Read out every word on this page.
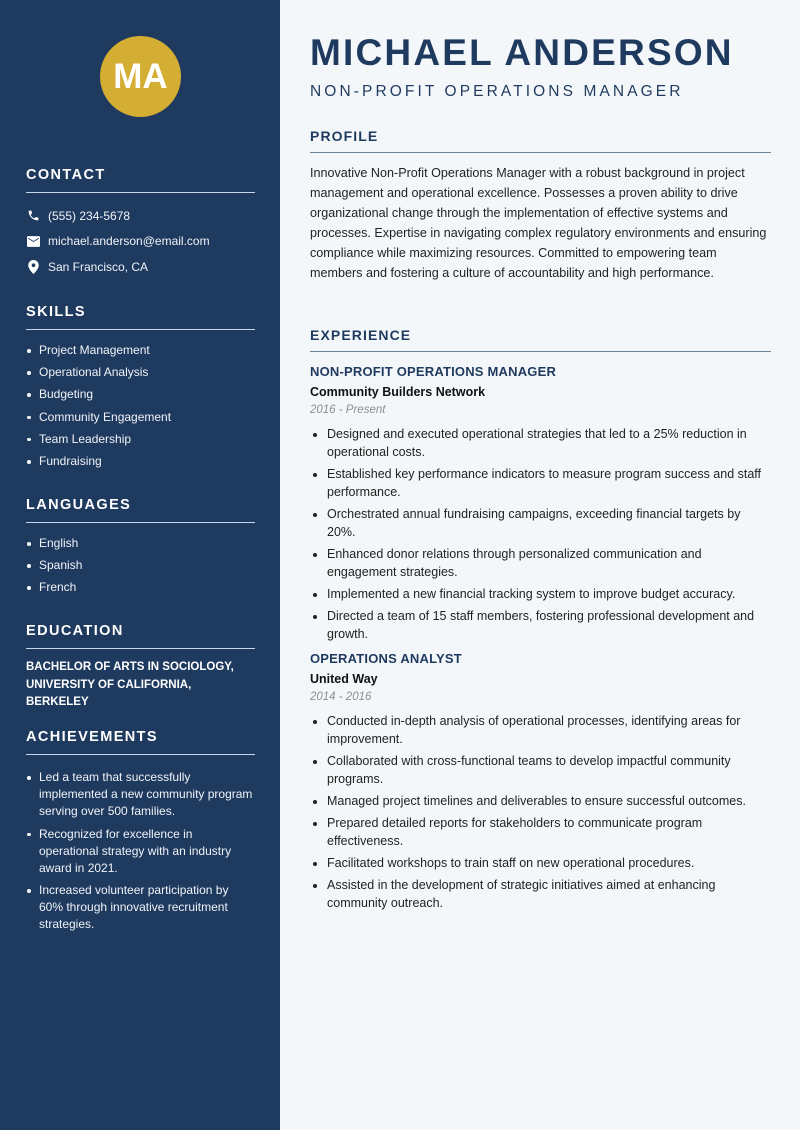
MA
CONTACT
(555) 234-5678
michael.anderson@email.com
San Francisco, CA
SKILLS
Project Management
Operational Analysis
Budgeting
Community Engagement
Team Leadership
Fundraising
LANGUAGES
English
Spanish
French
EDUCATION
BACHELOR OF ARTS IN SOCIOLOGY,
UNIVERSITY OF CALIFORNIA, BERKELEY
ACHIEVEMENTS
Led a team that successfully implemented a new community program serving over 500 families.
Recognized for excellence in operational strategy with an industry award in 2021.
Increased volunteer participation by 60% through innovative recruitment strategies.
MICHAEL ANDERSON
NON-PROFIT OPERATIONS MANAGER
PROFILE

Innovative Non-Profit Operations Manager with a robust background in project management and operational excellence. Possesses a proven ability to drive organizational change through the implementation of effective systems and processes. Expertise in navigating complex regulatory environments and ensuring compliance while maximizing resources. Committed to empowering team members and fostering a culture of accountability and high performance.

EXPERIENCE
NON-PROFIT OPERATIONS MANAGER
Community Builders Network
2016 - Present
Designed and executed operational strategies that led to a 25% reduction in operational costs.
Established key performance indicators to measure program success and staff performance.
Orchestrated annual fundraising campaigns, exceeding financial targets by 20%.
Enhanced donor relations through personalized communication and engagement strategies.
Implemented a new financial tracking system to improve budget accuracy.
Directed a team of 15 staff members, fostering professional development and growth.
OPERATIONS ANALYST
United Way
2014 - 2016
Conducted in-depth analysis of operational processes, identifying areas for improvement.
Collaborated with cross-functional teams to develop impactful community programs.
Managed project timelines and deliverables to ensure successful outcomes.
Prepared detailed reports for stakeholders to communicate program effectiveness.
Facilitated workshops to train staff on new operational procedures.
Assisted in the development of strategic initiatives aimed at enhancing community outreach.
